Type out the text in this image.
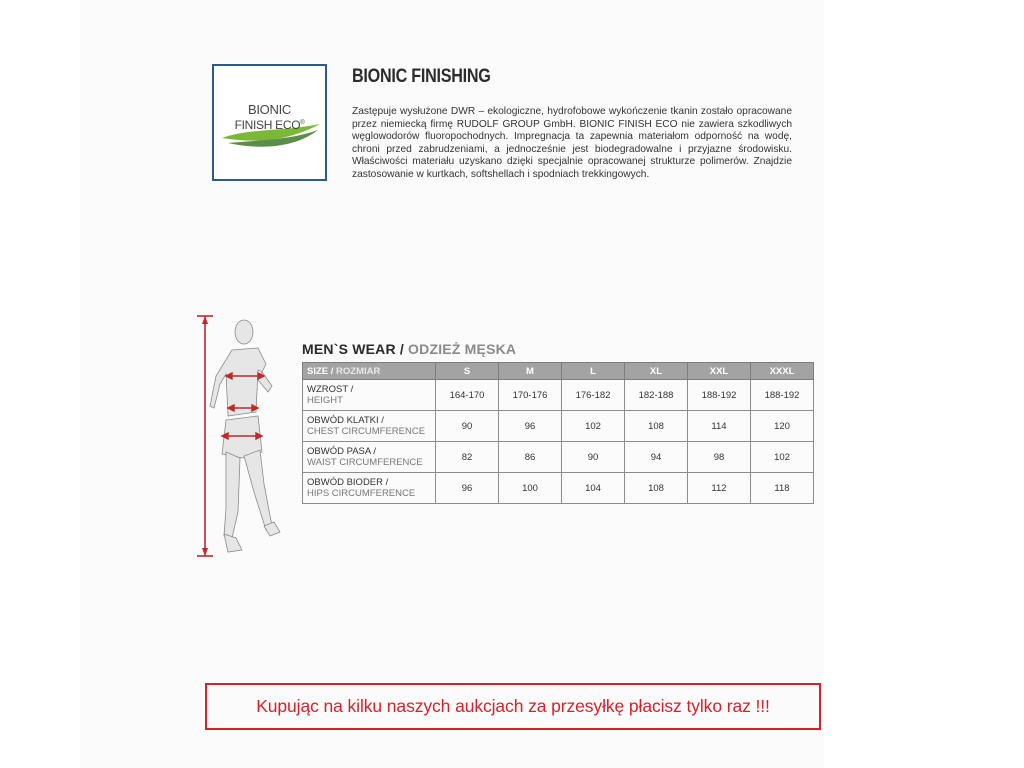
BIONIC
FINISH ECO®
BIONIC FINISHING
Zastępuje wysłużone DWR – ekologiczne, hydrofobowe wykończenie tkanin zostało opracowane przez niemiecką firmę RUDOLF GROUP GmbH. BIONIC FINISH ECO nie zawiera szkodliwych węglowodorów fluoropochodnych. Impregnacja ta zapewnia materiałom odporność na wodę, chroni przed zabrudzeniami, a jednocześnie jest biodegradowalne i przyjazne środowisku. Właściwości materiału uzyskano dzięki specjalnie opracowanej strukturze polimerów. Znajdzie zastosowanie w kurtkach, softshellach i spodniach trekkingowych.
MEN`S WEAR / ODZIEŻ MĘSKA
SIZE / ROZMIAR	S	M	L	XL	XXL	XXXL
WZROST /
HEIGHT	164-170	170-176	176-182	182-188	188-192	188-192
OBWÓD KLATKI /
CHEST CIRCUMFERENCE	90	96	102	108	114	120
OBWÓD PASA /
WAIST CIRCUMFERENCE	82	86	90	94	98	102
OBWÓD BIODER /
HIPS CIRCUMFERENCE	96	100	104	108	112	118
Kupując na kilku naszych aukcjach za przesyłkę płacisz tylko raz !!!
